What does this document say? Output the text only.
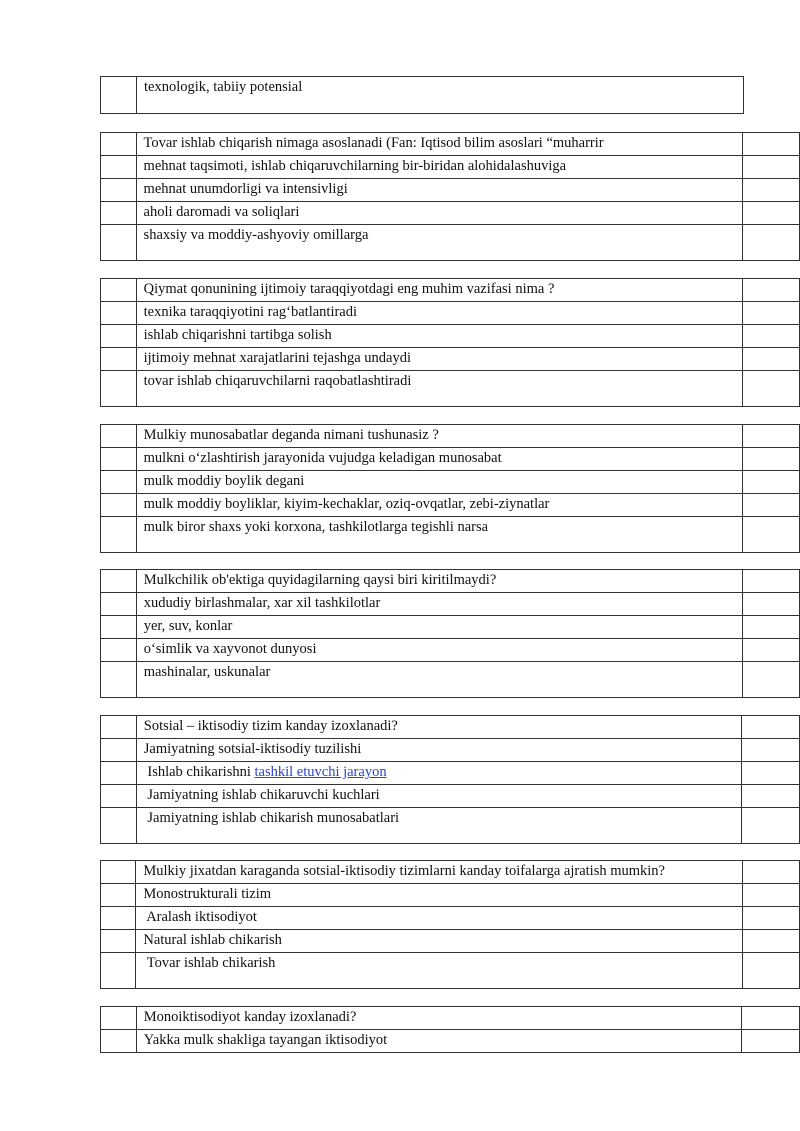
	texnologik, tabiiy potensial
	Tovar ishlab chiqarish nimaga asoslanadi (Fan: Iqtisod bilim asoslari “muharrir	
	mehnat taqsimoti, ishlab chiqaruvchilarning bir-biridan alohidalashuviga	
	mehnat unumdorligi va intensivligi	
	aholi daromadi va soliqlari	
	shaxsiy va moddiy-ashyoviy omillarga	
	Qiymat qonunining ijtimoiy taraqqiyotdagi eng muhim vazifasi nima ?	
	texnika taraqqiyotini rag‘batlantiradi	
	ishlab chiqarishni tartibga solish	
	ijtimoiy mehnat xarajatlarini tejashga undaydi	
	tovar ishlab chiqaruvchilarni raqobatlashtiradi	
	Mulkiy munosabatlar deganda nimani tushunasiz ?	
	mulkni o‘zlashtirish jarayonida vujudga keladigan munosabat	
	mulk moddiy boylik degani	
	mulk moddiy boyliklar, kiyim-kechaklar, oziq-ovqatlar, zebi-ziynatlar	
	mulk biror shaxs yoki korxona, tashkilotlarga tegishli narsa	
	Mulkchilik ob'ektiga quyidagilarning qaysi biri kiritilmaydi?	
	xududiy birlashmalar, xar xil tashkilotlar	
	yer, suv, konlar	
	o‘simlik va xayvonot dunyosi	
	mashinalar, uskunalar	
	Sotsial – iktisodiy tizim kanday izoxlanadi?	
	Jamiyatning sotsial-iktisodiy tuzilishi	
	Ishlab chikarishni tashkil etuvchi jarayon	
	Jamiyatning ishlab chikaruvchi kuchlari	
	Jamiyatning ishlab chikarish munosabatlari	
	Mulkiy jixatdan karaganda sotsial-iktisodiy tizimlarni kanday toifalarga ajratish mumkin?	
	Monostrukturali tizim	
	Aralash iktisodiyot	
	Natural ishlab chikarish	
	Tovar ishlab chikarish	
	Monoiktisodiyot kanday izoxlanadi?	
	Yakka mulk shakliga tayangan iktisodiyot	
